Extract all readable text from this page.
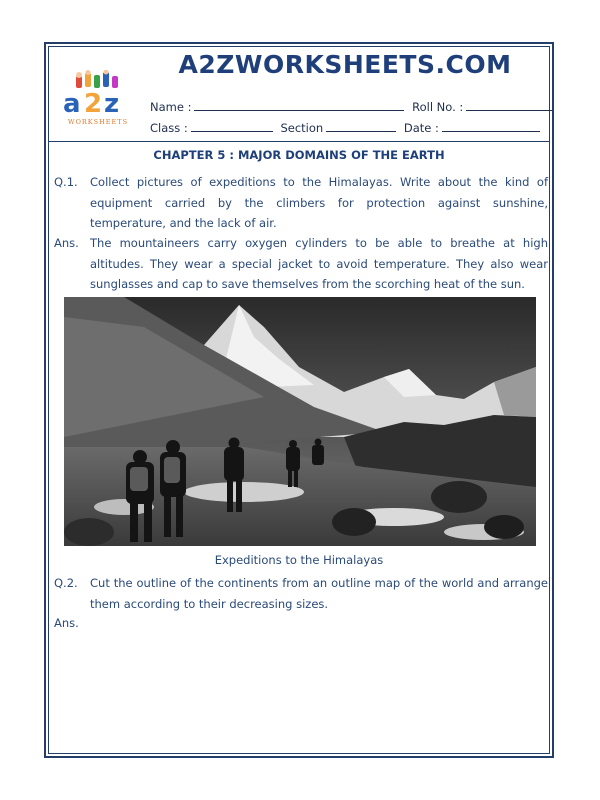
A2ZWORKSHEETS.COM
a 2 z
WORKSHEETS
Name :	Roll No. :
Class :	Section	Date :
CHAPTER 5 : MAJOR DOMAINS OF THE EARTH
Q.1. Collect pictures of expeditions to the Himalayas. Write about the kind of equipment carried by the climbers for protection against sunshine, temperature, and the lack of air.
Ans. The mountaineers carry oxygen cylinders to be able to breathe at high altitudes. They wear a special jacket to avoid temperature. They also wear sunglasses and cap to save themselves from the scorching heat of the sun.
Expeditions to the Himalayas
Q.2. Cut the outline of the continents from an outline map of the world and arrange them according to their decreasing sizes.
Ans.
